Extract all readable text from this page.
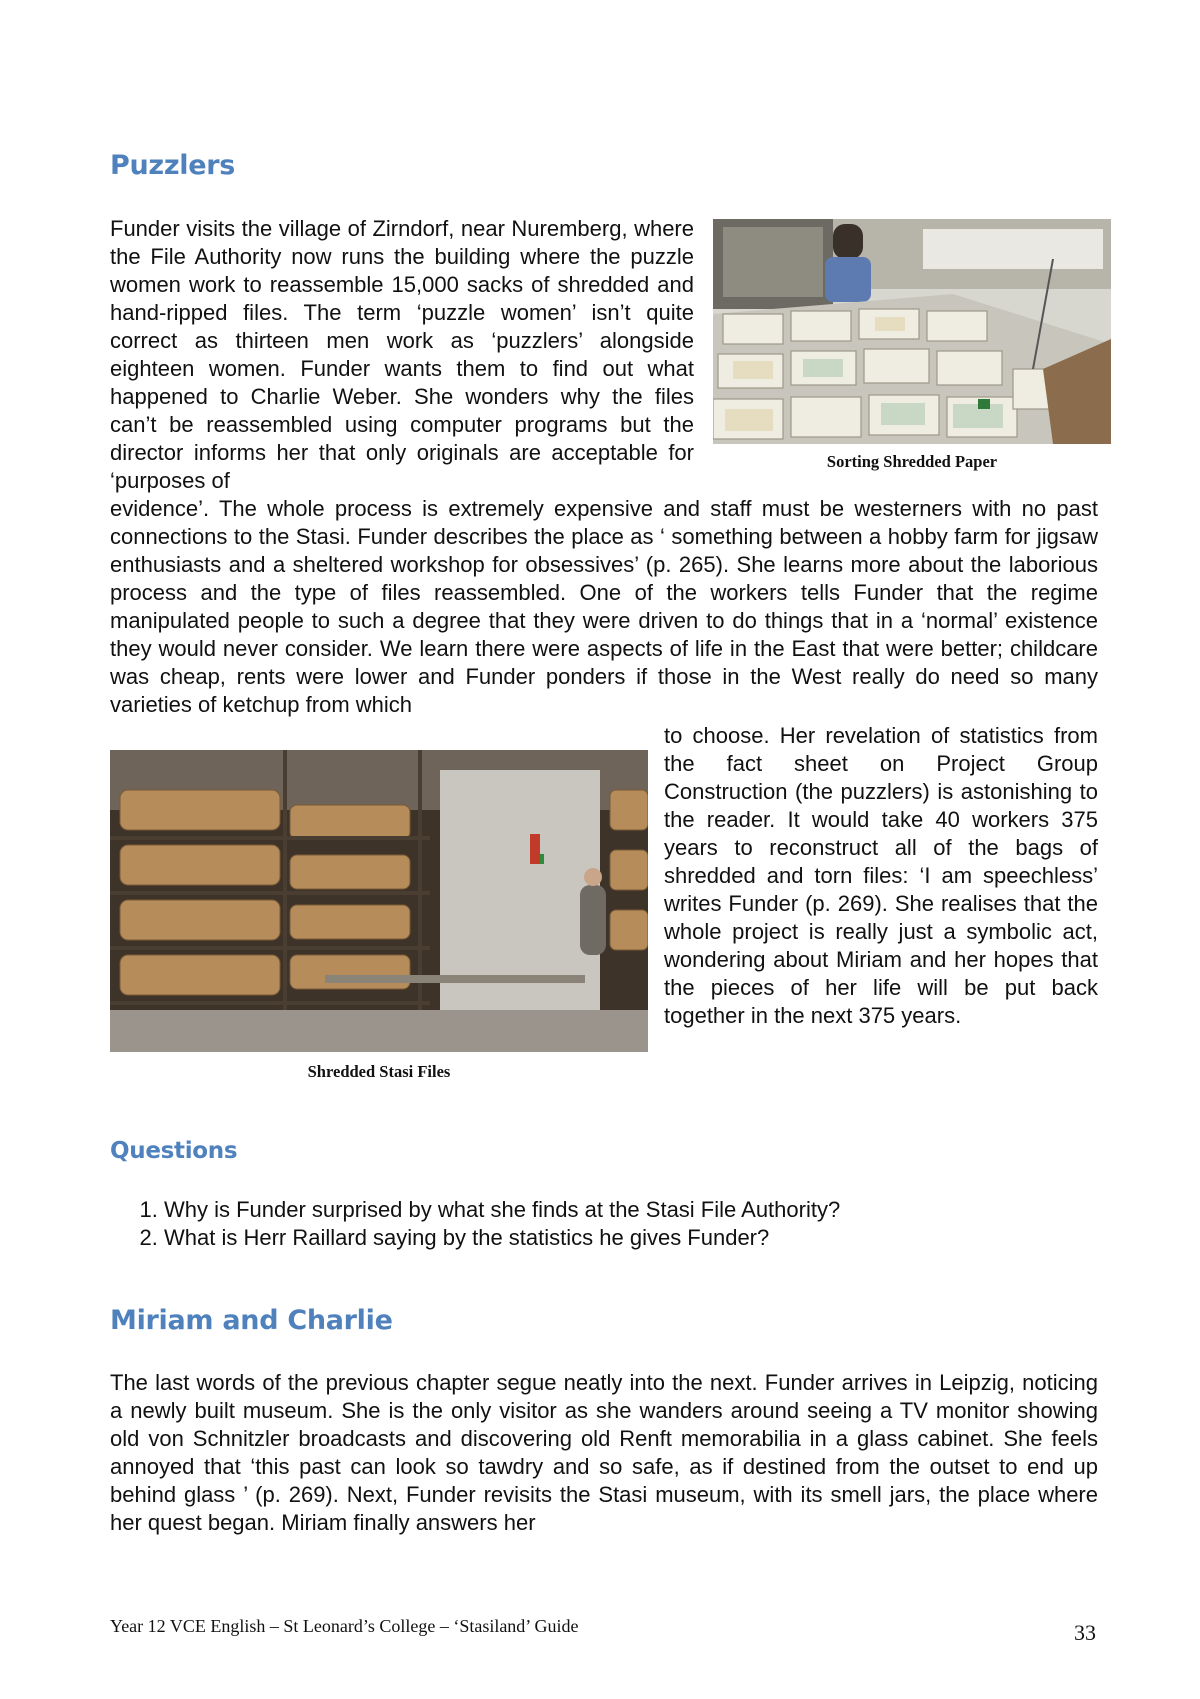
Puzzlers

Funder visits the village of Zirndorf, near Nuremberg, where the File Authority now runs the building where the puzzle women work to reassemble 15,000 sacks of shredded and hand-ripped files. The term ‘puzzle women’ isn’t quite correct as thirteen men work as ‘puzzlers’ alongside eighteen women. Funder wants them to find out what happened to Charlie Weber. She wonders why the files can’t be reassembled using computer programs but the director informs her that only originals are acceptable for ‘purposes of

Sorting Shredded Paper

evidence’. The whole process is extremely expensive and staff must be westerners with no past connections to the Stasi. Funder describes the place as ‘ something between a hobby farm for jigsaw enthusiasts and a sheltered workshop for obsessives’ (p. 265). She learns more about the laborious process and the type of files reassembled. One of the workers tells Funder that the regime manipulated people to such a degree that they were driven to do things that in a ‘normal’ existence they would never consider. We learn there were aspects of life in the East that were better; childcare was cheap, rents were lower and Funder ponders if those in the West really do need so many varieties of ketchup from which

Shredded Stasi Files

to choose. Her revelation of statistics from the fact sheet on Project Group Construction (the puzzlers) is astonishing to the reader. It would take 40 workers 375 years to reconstruct all of the bags of shredded and torn files: ‘I am speechless’ writes Funder (p. 269). She realises that the whole project is really just a symbolic act, wondering about Miriam and her hopes that the pieces of her life will be put back together in the next 375 years.

Questions
1. Why is Funder surprised by what she finds at the Stasi File Authority?
2. What is Herr Raillard saying by the statistics he gives Funder?
Miriam and Charlie

The last words of the previous chapter segue neatly into the next. Funder arrives in Leipzig, noticing a newly built museum. She is the only visitor as she wanders around seeing a TV monitor showing old von Schnitzler broadcasts and discovering old Renft memorabilia in a glass cabinet. She feels annoyed that ‘this past can look so tawdry and so safe, as if destined from the outset to end up behind glass ’ (p. 269). Next, Funder revisits the Stasi museum, with its smell jars, the place where her quest began. Miriam finally answers her

Year 12 VCE English – St Leonard’s College – ‘Stasiland’ Guide	33
